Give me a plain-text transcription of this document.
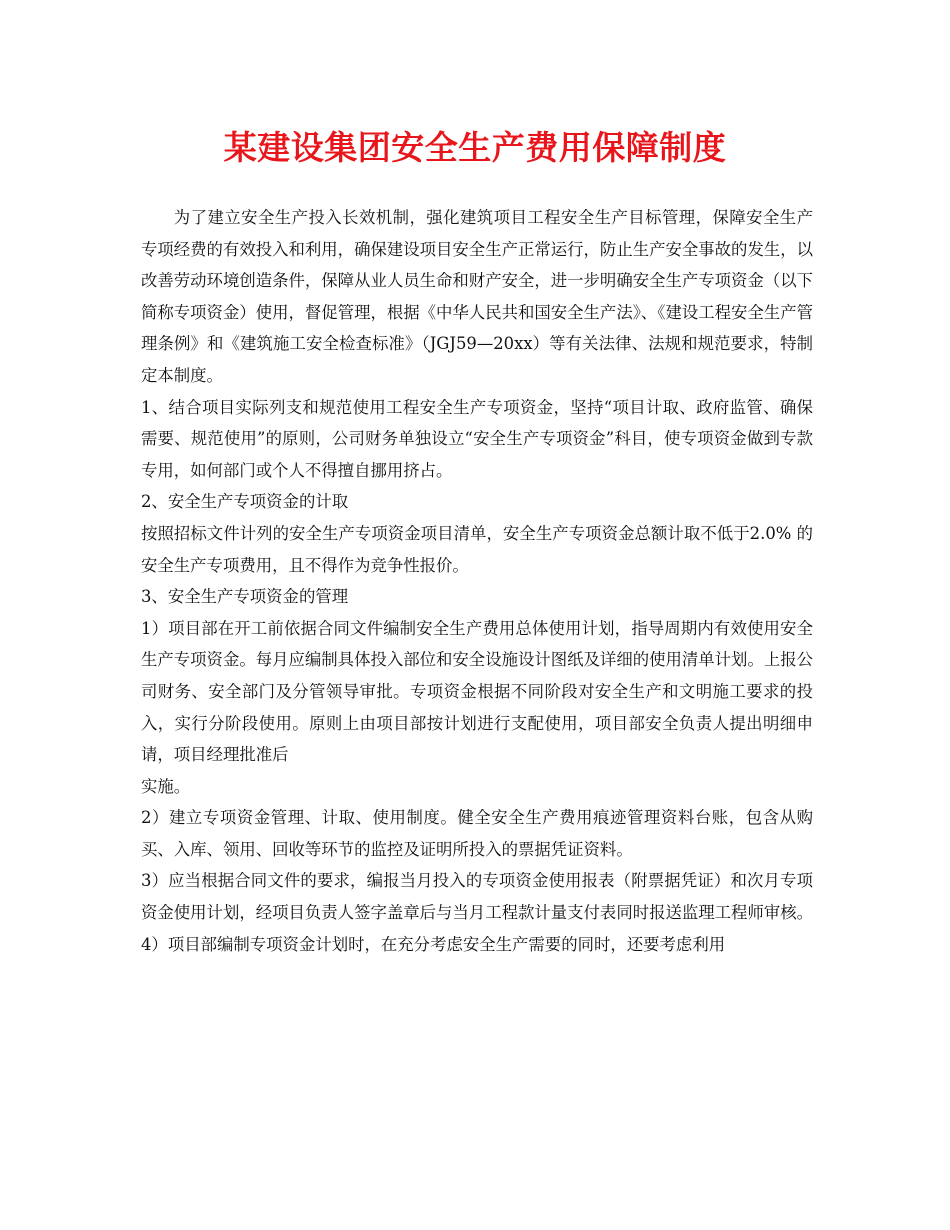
某建设集团安全生产费用保障制度

为了建立安全生产投入长效机制，强化建筑项目工程安全生产目标管理，保障安全生产专项经费的有效投入和利用，确保建设项目安全生产正常运行，防止生产安全事故的发生，以改善劳动环境创造条件，保障从业人员生命和财产安全，进一步明确安全生产专项资金（以下简称专项资金）使用，督促管理，根据《中华人民共和国安全生产法》、《建设工程安全生产管理条例》和《建筑施工安全检查标准》（JGJ59—20xx）等有关法律、法规和规范要求，特制定本制度。

1、结合项目实际列支和规范使用工程安全生产专项资金，坚持“项目计取、政府监管、确保需要、规范使用”的原则，公司财务单独设立“安全生产专项资金”科目，使专项资金做到专款专用，如何部门或个人不得擅自挪用挤占。

2、安全生产专项资金的计取

按照招标文件计列的安全生产专项资金项目清单，安全生产专项资金总额计取不低于2.0% 的安全生产专项费用，且不得作为竞争性报价。

3、安全生产专项资金的管理

1）项目部在开工前依据合同文件编制安全生产费用总体使用计划，指导周期内有效使用安全生产专项资金。每月应编制具体投入部位和安全设施设计图纸及详细的使用清单计划。上报公司财务、安全部门及分管领导审批。专项资金根据不同阶段对安全生产和文明施工要求的投入，实行分阶段使用。原则上由项目部按计划进行支配使用，项目部安全负责人提出明细申请，项目经理批准后

实施。

2）建立专项资金管理、计取、使用制度。健全安全生产费用痕迹管理资料台账，包含从购买、入库、领用、回收等环节的监控及证明所投入的票据凭证资料。

3）应当根据合同文件的要求，编报当月投入的专项资金使用报表（附票据凭证）和次月专项资金使用计划，经项目负责人签字盖章后与当月工程款计量支付表同时报送监理工程师审核。

4）项目部编制专项资金计划时，在充分考虑安全生产需要的同时，还要考虑利用
